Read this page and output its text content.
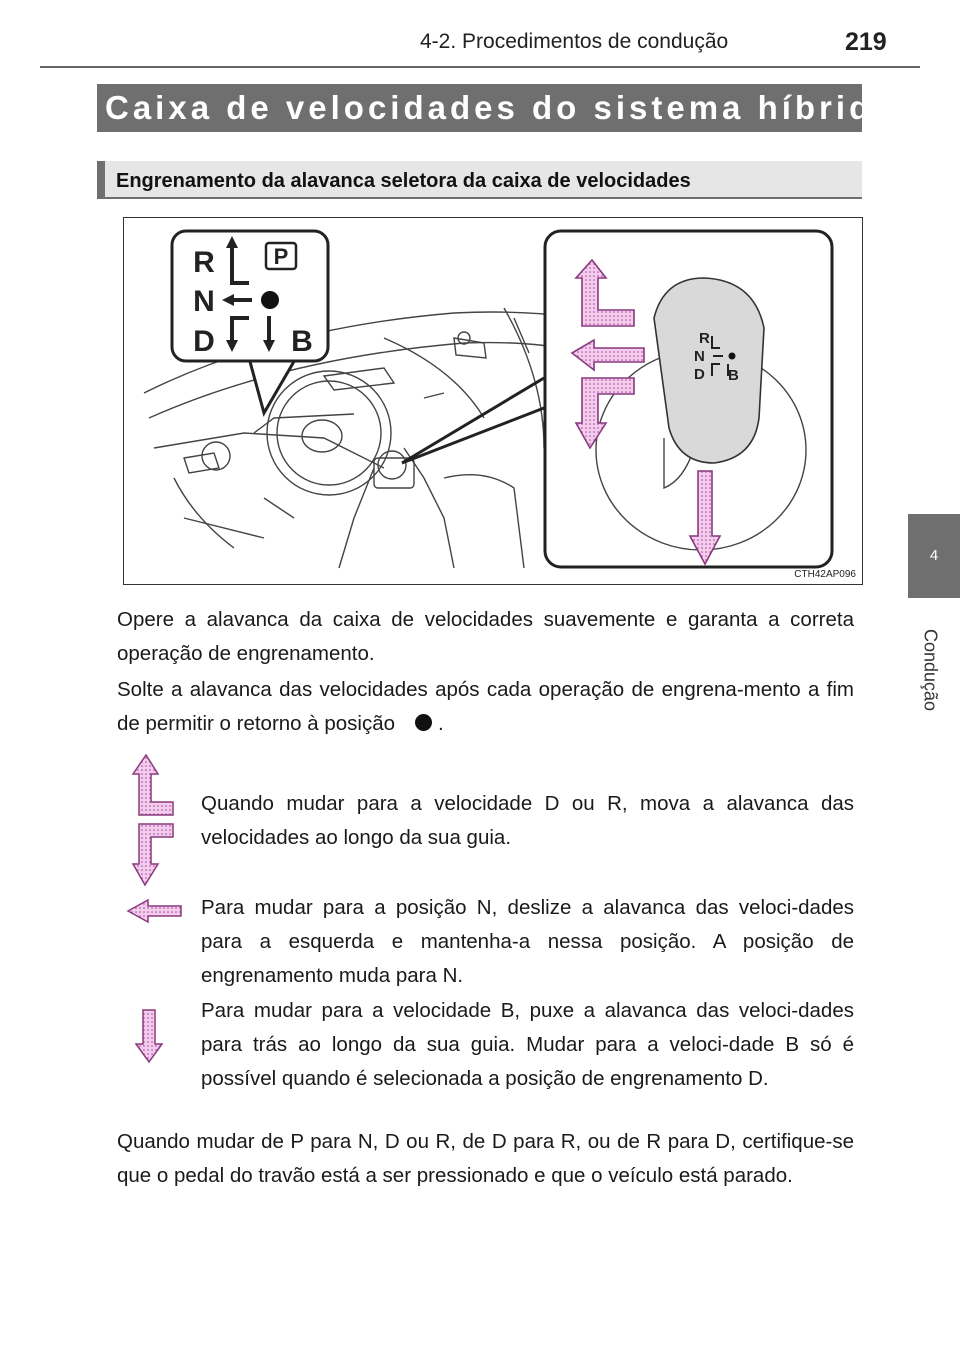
4-2. Procedimentos de condução	219
4
Condução
Caixa de velocidades do sistema híbrido
Engrenamento da alavanca seletora da caixa de velocidades
P
R
N
D	B	R
N
D B
CTH42AP096
Opere a alavanca da caixa de velocidades suavemente e garanta a correta operação de engrenamento.
Solte a alavanca das velocidades após cada operação de engrena-mento a fim de permitir o retorno à posição .
Quando mudar para a velocidade D ou R, mova a alavanca das velocidades ao longo da sua guia.
Para mudar para a posição N, deslize a alavanca das veloci-dades para a esquerda e mantenha-a nessa posição. A posição de engrenamento muda para N.
Para mudar para a velocidade B, puxe a alavanca das veloci-dades para trás ao longo da sua guia. Mudar para a veloci-dade B só é possível quando é selecionada a posição de engrenamento D.
Quando mudar de P para N, D ou R, de D para R, ou de R para D, certifique-se que o pedal do travão está a ser pressionado e que o veículo está parado.
